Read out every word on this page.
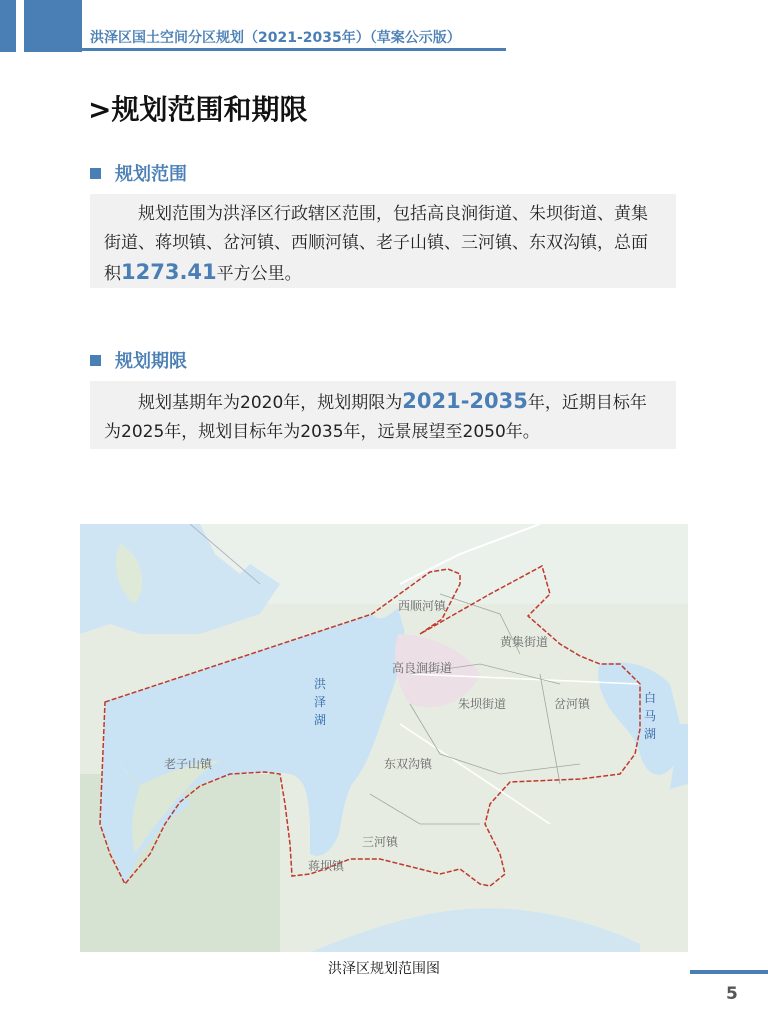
洪泽区国土空间分区规划（2021-2035年）（草案公示版）
>规划范围和期限
规划范围

规划范围为洪泽区行政辖区范围，包括高良涧街道、朱坝街道、黄集街道、蒋坝镇、岔河镇、西顺河镇、老子山镇、三河镇、东双沟镇，总面积1273.41平方公里。

规划期限

规划基期年为2020年，规划期限为2021-2035年，近期目标年为2025年，规划目标年为2035年，远景展望至2050年。

西顺河镇
黄集街道
高良涧街道
朱坝街道	岔河镇
东双沟镇
老子山镇
三河镇
蒋坝镇
洪
泽
湖
白
马
湖
洪泽区规划范围图
5
